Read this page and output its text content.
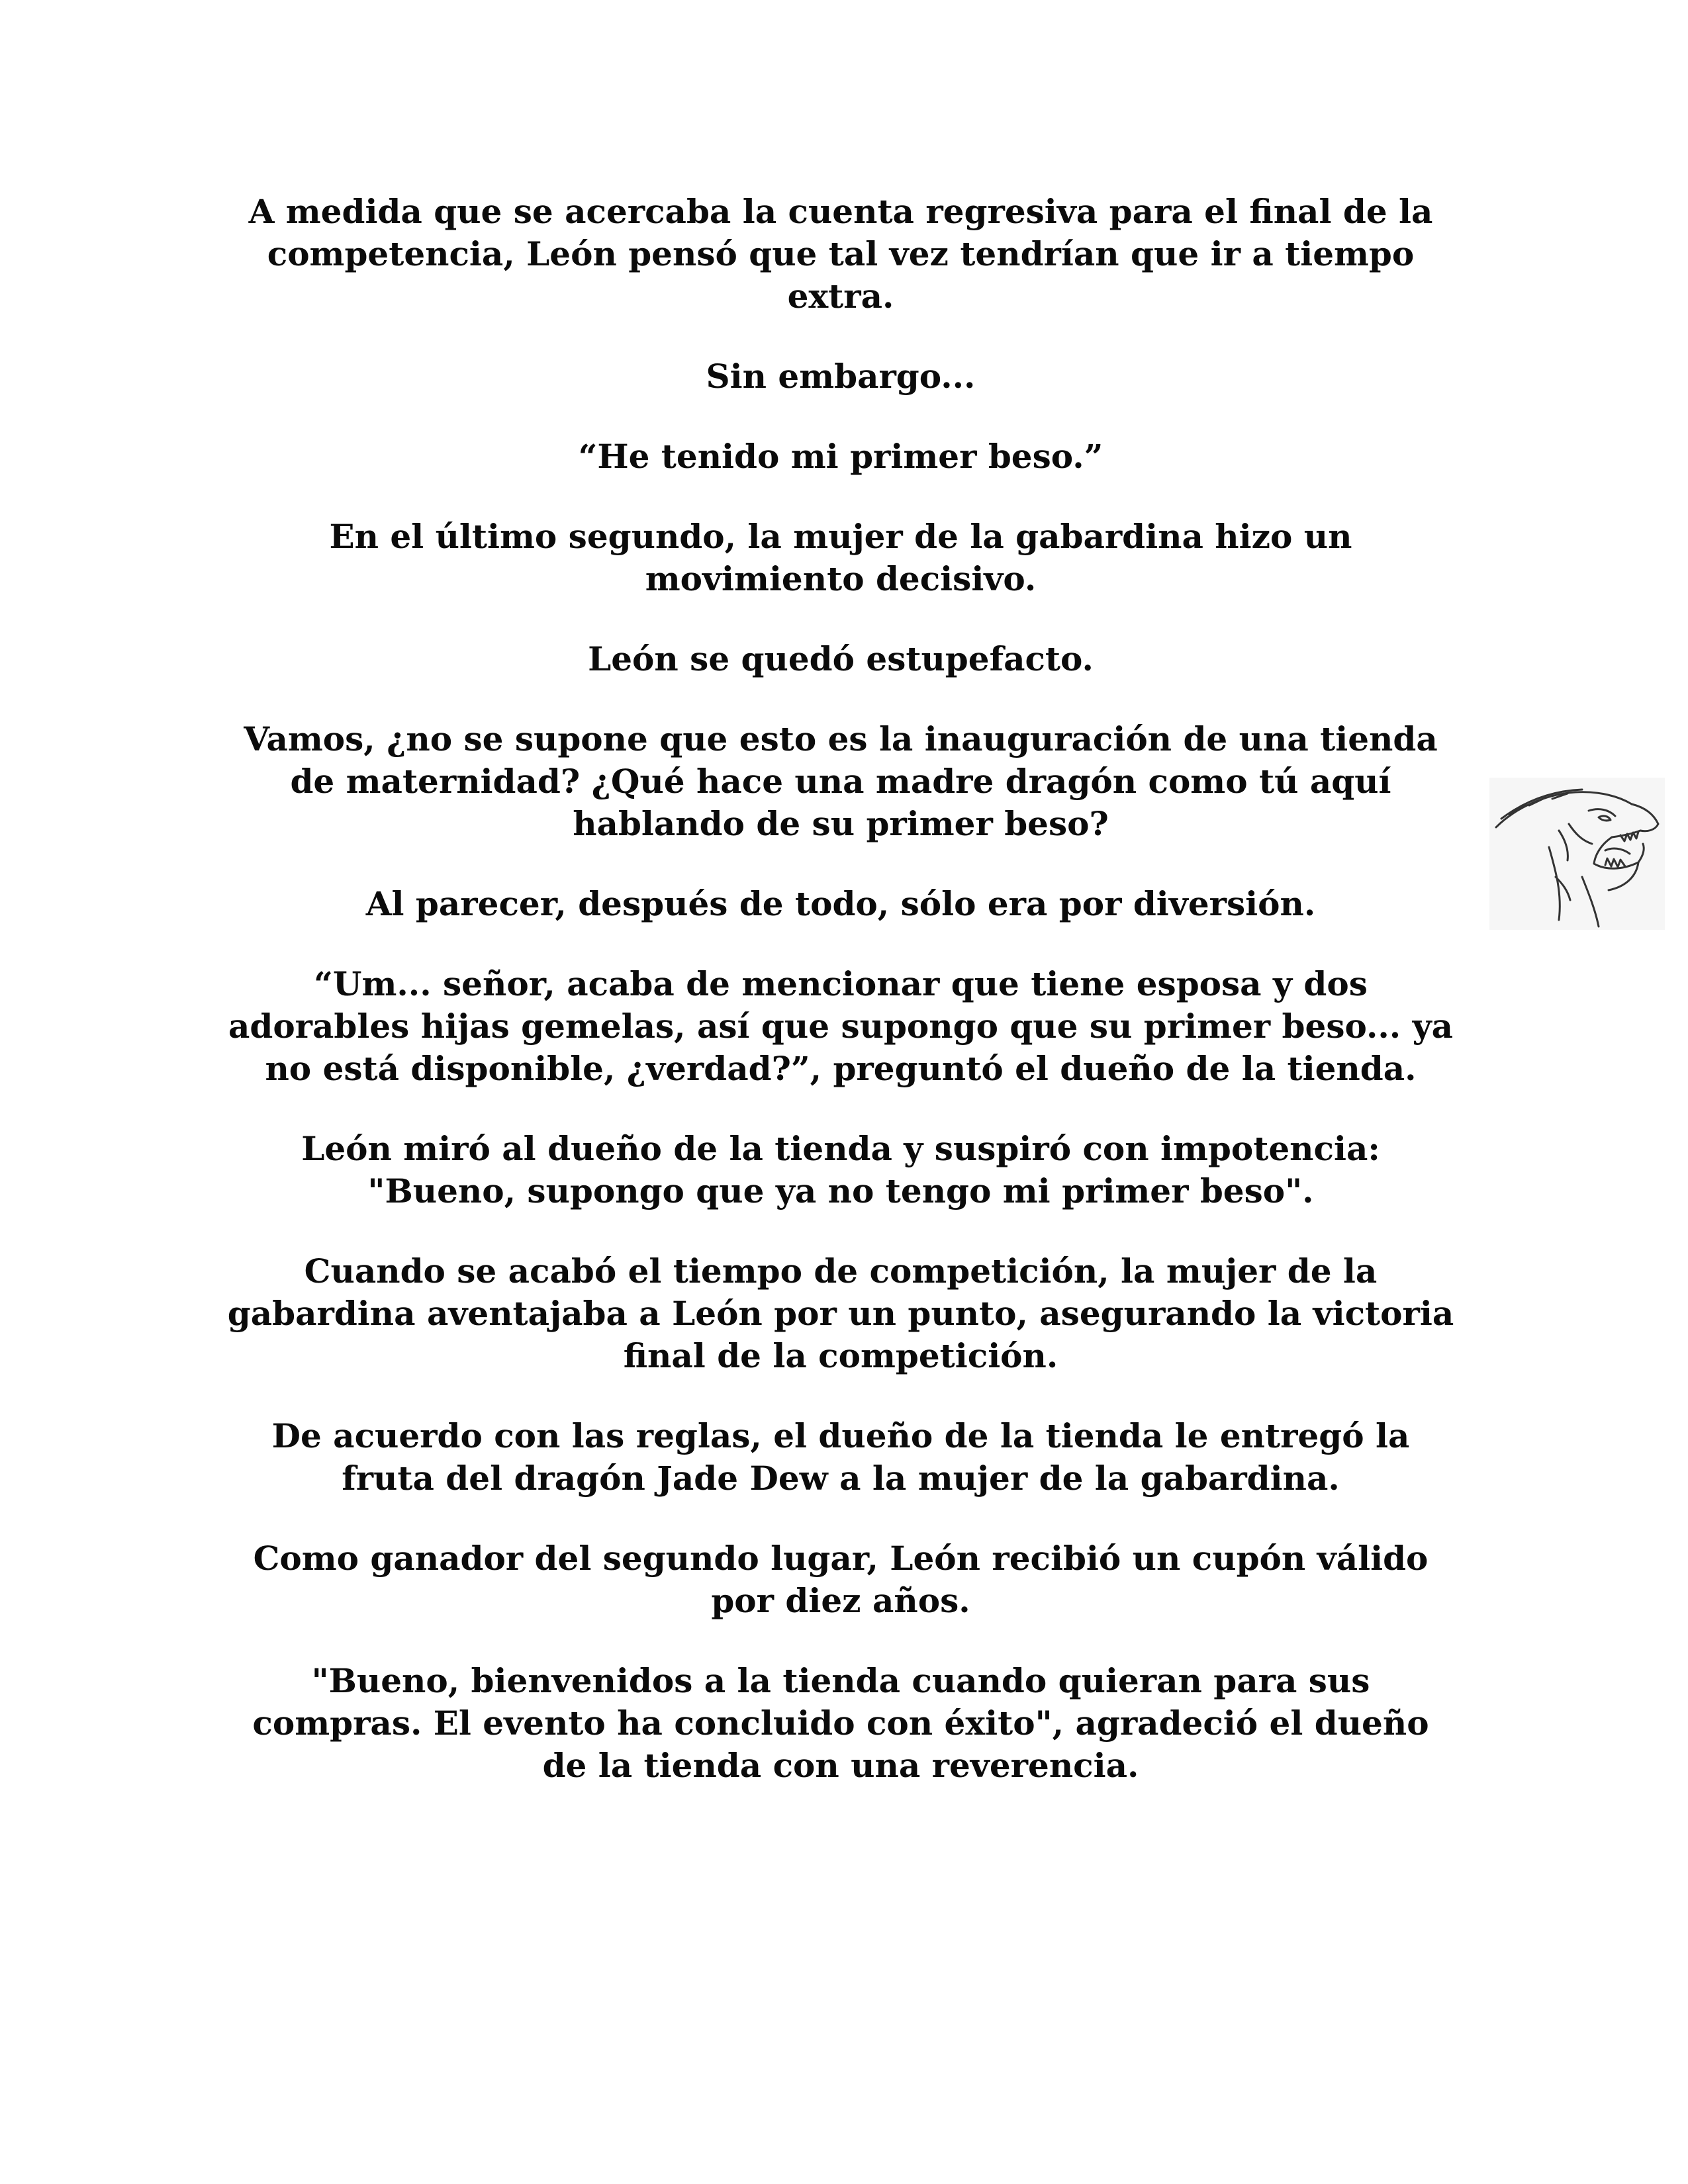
A medida que se acercaba la cuenta regresiva para el final de la competencia, León pensó que tal vez tendrían que ir a tiempo extra.

Sin embargo...

“He tenido mi primer beso.”

En el último segundo, la mujer de la gabardina hizo un movimiento decisivo.

León se quedó estupefacto.

Vamos, ¿no se supone que esto es la inauguración de una tienda de maternidad? ¿Qué hace una madre dragón como tú aquí hablando de su primer beso?

Al parecer, después de todo, sólo era por diversión.

“Um... señor, acaba de mencionar que tiene esposa y dos adorables hijas gemelas, así que supongo que su primer beso... ya no está disponible, ¿verdad?”, preguntó el dueño de la tienda.

León miró al dueño de la tienda y suspiró con impotencia: "Bueno, supongo que ya no tengo mi primer beso".

Cuando se acabó el tiempo de competición, la mujer de la gabardina aventajaba a León por un punto, asegurando la victoria final de la competición.

De acuerdo con las reglas, el dueño de la tienda le entregó la fruta del dragón Jade Dew a la mujer de la gabardina.

Como ganador del segundo lugar, León recibió un cupón válido por diez años.

"Bueno, bienvenidos a la tienda cuando quieran para sus compras. El evento ha concluido con éxito", agradeció el dueño de la tienda con una reverencia.
